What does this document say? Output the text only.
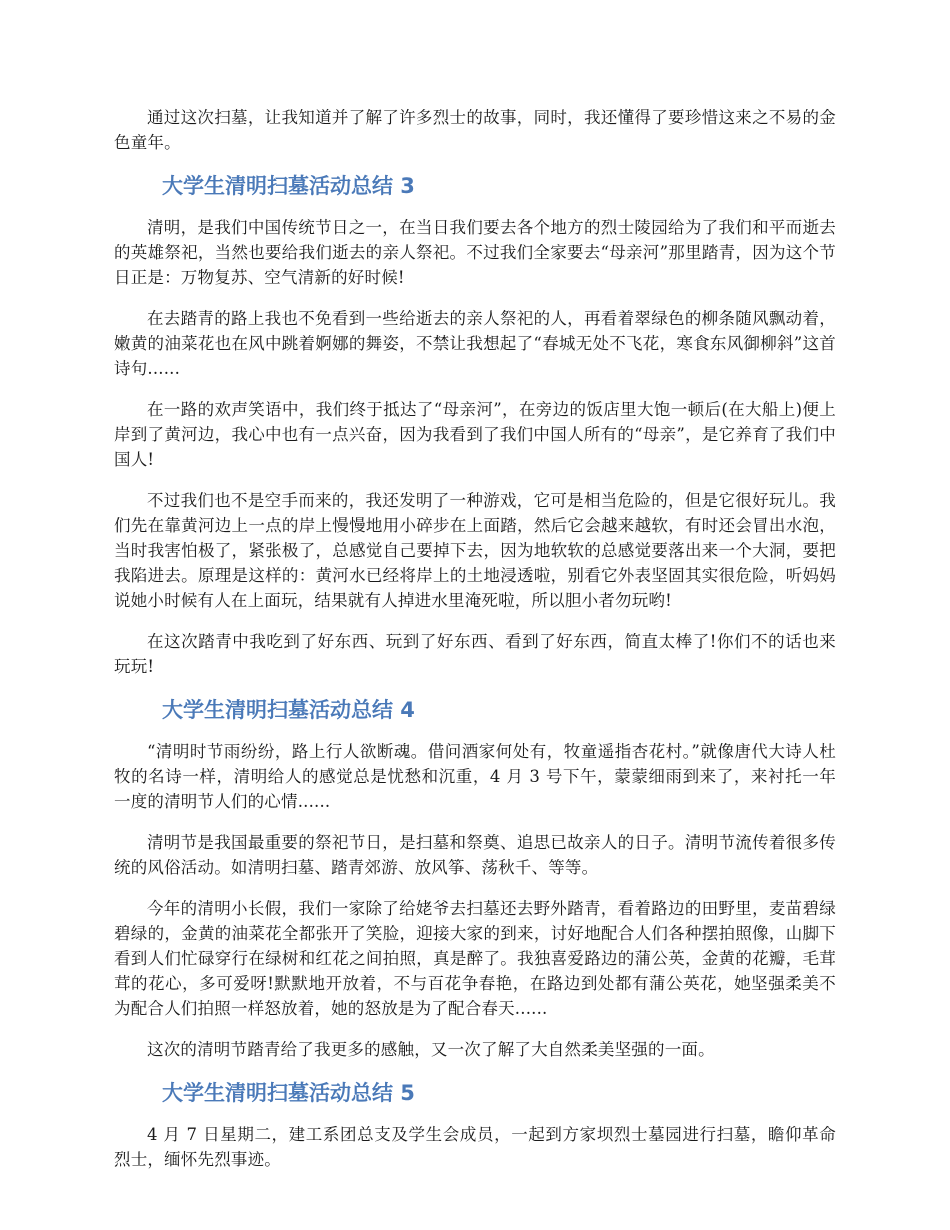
通过这次扫墓，让我知道并了解了许多烈士的故事，同时，我还懂得了要珍惜这来之不易的金色童年。

大学生清明扫墓活动总结 3

清明，是我们中国传统节日之一，在当日我们要去各个地方的烈士陵园给为了我们和平而逝去的英雄祭祀，当然也要给我们逝去的亲人祭祀。不过我们全家要去“母亲河”那里踏青，因为这个节日正是：万物复苏、空气清新的好时候!

在去踏青的路上我也不免看到一些给逝去的亲人祭祀的人，再看着翠绿色的柳条随风飘动着，嫩黄的油菜花也在风中跳着婀娜的舞姿，不禁让我想起了“春城无处不飞花，寒食东风御柳斜”这首诗句......

在一路的欢声笑语中，我们终于抵达了“母亲河”，在旁边的饭店里大饱一顿后(在大船上)便上岸到了黄河边，我心中也有一点兴奋，因为我看到了我们中国人所有的“母亲”，是它养育了我们中国人!

不过我们也不是空手而来的，我还发明了一种游戏，它可是相当危险的，但是它很好玩儿。我们先在靠黄河边上一点的岸上慢慢地用小碎步在上面踏，然后它会越来越软，有时还会冒出水泡，当时我害怕极了，紧张极了，总感觉自己要掉下去，因为地软软的总感觉要落出来一个大洞，要把我陷进去。原理是这样的：黄河水已经将岸上的土地浸透啦，别看它外表坚固其实很危险，听妈妈说她小时候有人在上面玩，结果就有人掉进水里淹死啦，所以胆小者勿玩哟!

在这次踏青中我吃到了好东西、玩到了好东西、看到了好东西，简直太棒了!你们不的话也来玩玩!

大学生清明扫墓活动总结 4

“清明时节雨纷纷，路上行人欲断魂。借问酒家何处有，牧童遥指杏花村。”就像唐代大诗人杜牧的名诗一样，清明给人的感觉总是忧愁和沉重，4 月 3 号下午，蒙蒙细雨到来了，来衬托一年一度的清明节人们的心情......

清明节是我国最重要的祭祀节日，是扫墓和祭奠、追思已故亲人的日子。清明节流传着很多传统的风俗活动。如清明扫墓、踏青郊游、放风筝、荡秋千、等等。

今年的清明小长假，我们一家除了给姥爷去扫墓还去野外踏青，看着路边的田野里，麦苗碧绿碧绿的，金黄的油菜花全都张开了笑脸，迎接大家的到来，讨好地配合人们各种摆拍照像，山脚下看到人们忙碌穿行在绿树和红花之间拍照，真是醉了。我独喜爱路边的蒲公英，金黄的花瓣，毛茸茸的花心，多可爱呀!默默地开放着，不与百花争春艳，在路边到处都有蒲公英花，她坚强柔美不为配合人们拍照一样怒放着，她的怒放是为了配合春天......

这次的清明节踏青给了我更多的感触，又一次了解了大自然柔美坚强的一面。

大学生清明扫墓活动总结 5

4 月 7 日星期二，建工系团总支及学生会成员，一起到方家坝烈士墓园进行扫墓，瞻仰革命烈士，缅怀先烈事迹。
